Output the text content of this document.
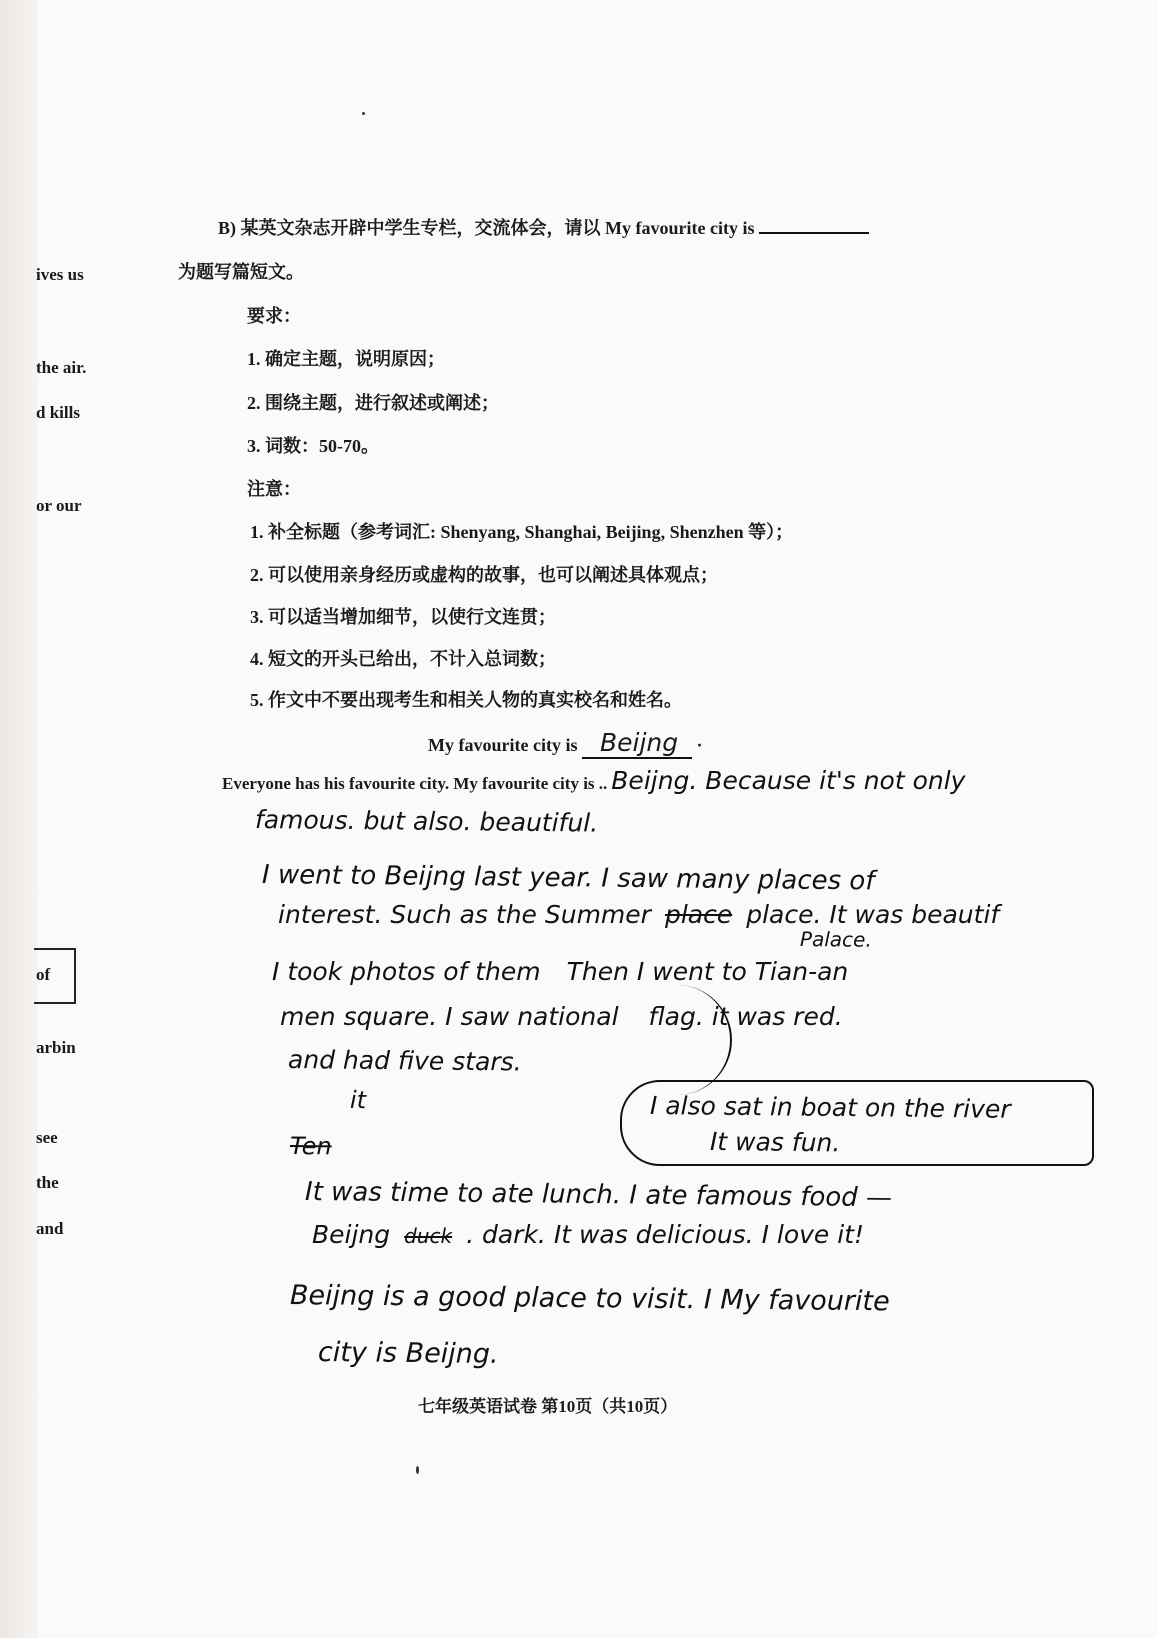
ives us
the air.
d kills
or our
of
arbin
see
the
and
B) 某英文杂志开辟中学生专栏，交流体会，请以 My favourite city is
为题写篇短文。
要求：
1. 确定主题，说明原因；
2. 围绕主题，进行叙述或阐述；
3. 词数：50-70。
注意：
1. 补全标题（参考词汇: Shenyang, Shanghai, Beijing, Shenzhen 等）；
2. 可以使用亲身经历或虚构的故事，也可以阐述具体观点；
3. 可以适当增加细节，以使行文连贯；
4. 短文的开头已给出，不计入总词数；
5. 作文中不要出现考生和相关人物的真实校名和姓名。
My favourite city is Beijng ·
Everyone has his favourite city. My favourite city is .. Beijng. Because it's not only
famous. but also. beautiful.
I went to Beijng last year. I saw many places of
interest. Such as the Summer place place. It was beautif
Palace.
I took photos of them Then I went to Tian-an
men square. I saw national flag. it was red.
and had five stars.
it
Ten
I also sat in boat on the river
It was fun.
It was time to ate lunch. I ate famous food —
Beijng duck . dark. It was delicious. I love it!
Beijng is a good place to visit. I My favourite
city is Beijng.
七年级英语试卷 第10页（共10页）
